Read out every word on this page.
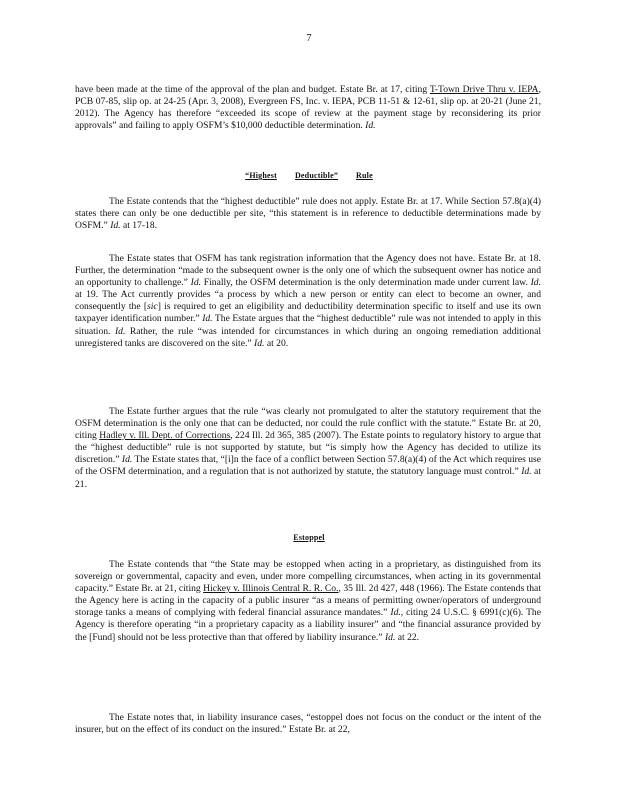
7

have been made at the time of the approval of the plan and budget. Estate Br. at 17, citing T-Town Drive Thru v. IEPA, PCB 07-85, slip op. at 24-25 (Apr. 3, 2008), Evergreen FS, Inc. v. IEPA, PCB 11-51 & 12-61, slip op. at 20-21 (June 21, 2012). The Agency has therefore “exceeded its scope of review at the payment stage by reconsidering its prior approvals” and failing to apply OSFM’s $10,000 deductible determination. Id.

“Highest Deductible” Rule

The Estate contends that the “highest deductible” rule does not apply. Estate Br. at 17. While Section 57.8(a)(4) states there can only be one deductible per site, “this statement is in reference to deductible determinations made by OSFM.” Id. at 17-18.

The Estate states that OSFM has tank registration information that the Agency does not have. Estate Br. at 18. Further, the determination “made to the subsequent owner is the only one of which the subsequent owner has notice and an opportunity to challenge.” Id. Finally, the OSFM determination is the only determination made under current law. Id. at 19. The Act currently provides “a process by which a new person or entity can elect to become an owner, and consequently the [sic] is required to get an eligibility and deductibility determination specific to itself and use its own taxpayer identification number.” Id. The Estate argues that the “highest deductible” rule was not intended to apply in this situation. Id. Rather, the rule “was intended for circumstances in which during an ongoing remediation additional unregistered tanks are discovered on the site.” Id. at 20.

The Estate further argues that the rule “was clearly not promulgated to alter the statutory requirement that the OSFM determination is the only one that can be deducted, nor could the rule conflict with the statute.” Estate Br. at 20, citing Hadley v. Ill. Dept. of Corrections, 224 Ill. 2d 365, 385 (2007). The Estate points to regulatory history to argue that the “highest deductible” rule is not supported by statute, but “is simply how the Agency has decided to utilize its discretion.” Id. The Estate states that, “[i]n the face of a conflict between Section 57.8(a)(4) of the Act which requires use of the OSFM determination, and a regulation that is not authorized by statute, the statutory language must control.” Id. at 21.

Estoppel

The Estate contends that “the State may be estopped when acting in a proprietary, as distinguished from its sovereign or governmental, capacity and even, under more compelling circumstances, when acting in its governmental capacity.” Estate Br. at 21, citing Hickey v. Illinois Central R. R. Co., 35 Ill. 2d 427, 448 (1966). The Estate contends that the Agency here is acting in the capacity of a public insurer “as a means of permitting owner/operators of underground storage tanks a means of complying with federal financial assurance mandates.” Id., citing 24 U.S.C. § 6991(c)(6). The Agency is therefore operating “in a proprietary capacity as a liability insurer” and “the financial assurance provided by the [Fund] should not be less protective than that offered by liability insurance.” Id. at 22.

The Estate notes that, in liability insurance cases, “estoppel does not focus on the conduct or the intent of the insurer, but on the effect of its conduct on the insured.” Estate Br. at 22,
